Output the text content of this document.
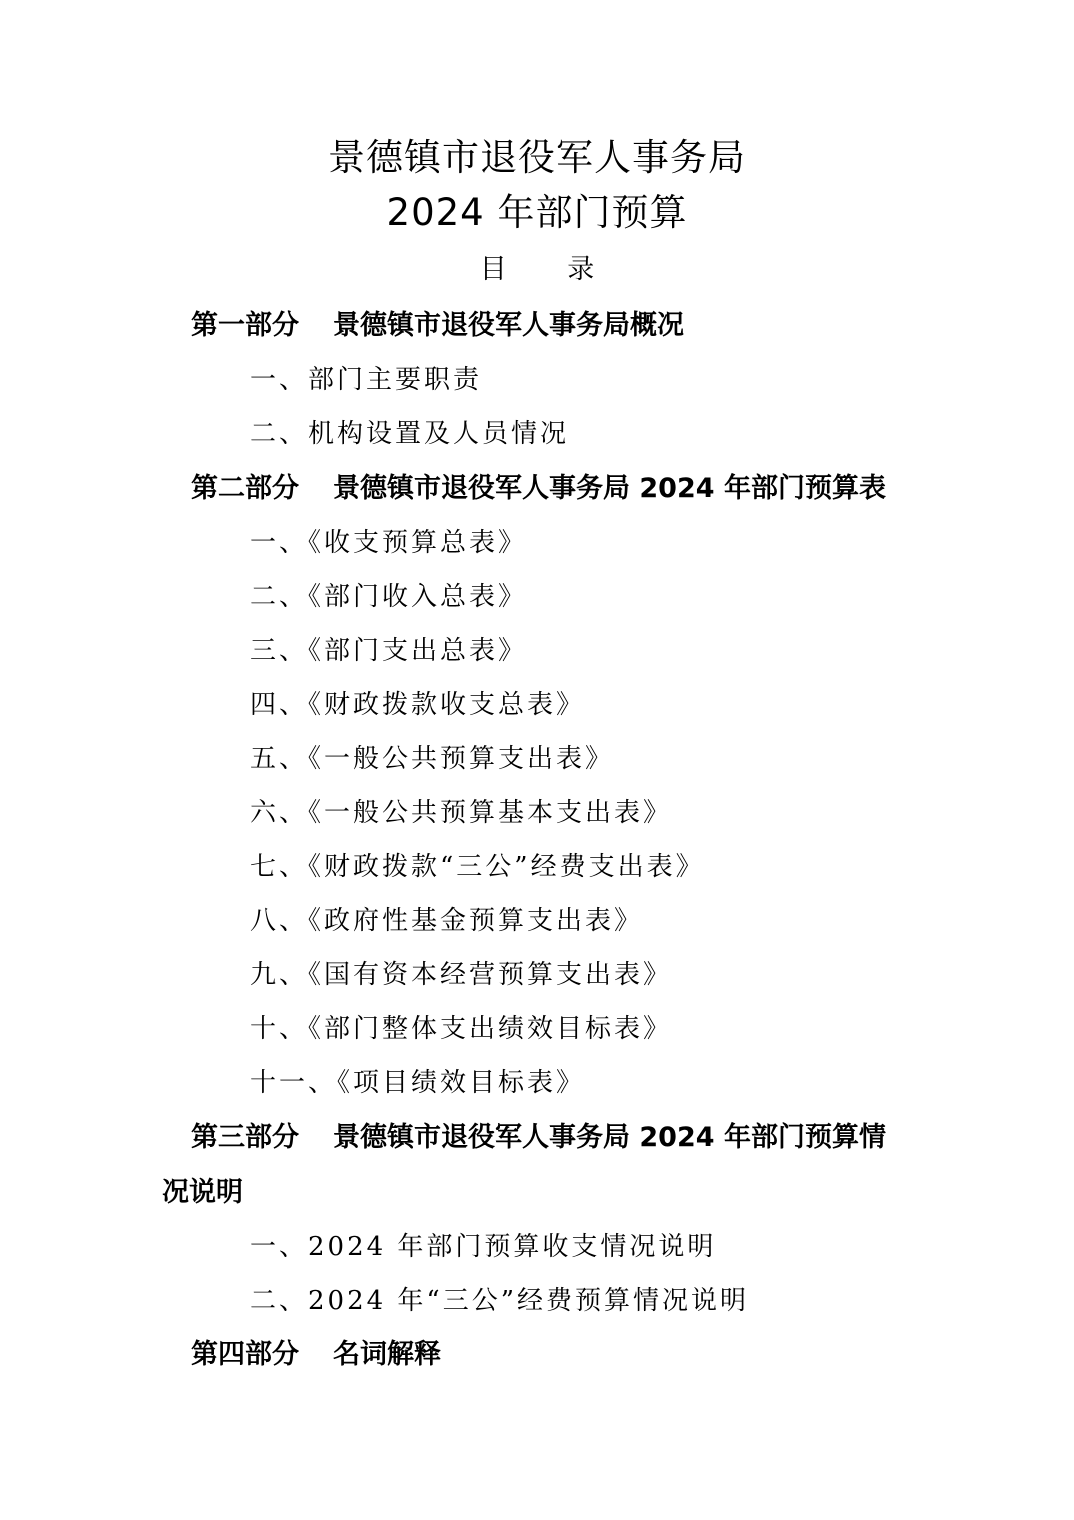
景德镇市退役军人事务局
2024 年部门预算
目 录
第一部分 景德镇市退役军人事务局概况
一、部门主要职责
二、机构设置及人员情况
第二部分 景德镇市退役军人事务局 2024 年部门预算表
一、《收支预算总表》
二、《部门收入总表》
三、《部门支出总表》
四、《财政拨款收支总表》
五、《一般公共预算支出表》
六、《一般公共预算基本支出表》
七、《财政拨款“三公”经费支出表》
八、《政府性基金预算支出表》
九、《国有资本经营预算支出表》
十、《部门整体支出绩效目标表》
十一、《项目绩效目标表》
第三部分 景德镇市退役军人事务局 2024 年部门预算情
况说明
一、2024 年部门预算收支情况说明
二、2024 年“三公”经费预算情况说明
第四部分 名词解释
